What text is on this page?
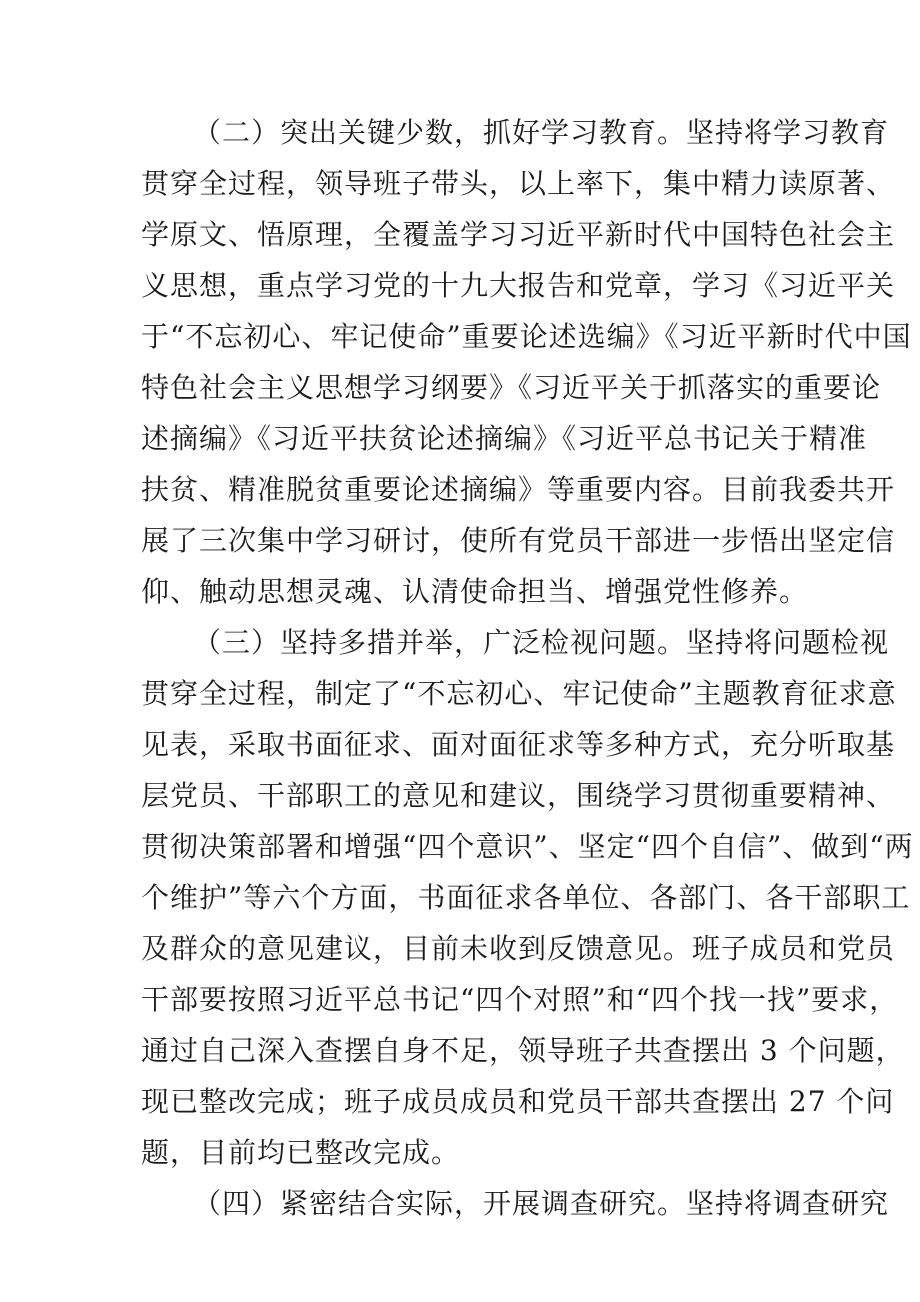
（二）突出关键少数，抓好学习教育。坚持将学习教育
贯穿全过程，领导班子带头，以上率下，集中精力读原著、
学原文、悟原理，全覆盖学习习近平新时代中国特色社会主
义思想，重点学习党的十九大报告和党章，学习《习近平关
于“不忘初心、牢记使命”重要论述选编》《习近平新时代中国
特色社会主义思想学习纲要》《习近平关于抓落实的重要论
述摘编》《习近平扶贫论述摘编》《习近平总书记关于精准
扶贫、精准脱贫重要论述摘编》等重要内容。目前我委共开
展了三次集中学习研讨，使所有党员干部进一步悟出坚定信
仰、触动思想灵魂、认清使命担当、增强党性修养。
（三）坚持多措并举，广泛检视问题。坚持将问题检视
贯穿全过程，制定了“不忘初心、牢记使命”主题教育征求意
见表，采取书面征求、面对面征求等多种方式，充分听取基
层党员、干部职工的意见和建议，围绕学习贯彻重要精神、
贯彻决策部署和增强“四个意识”、坚定“四个自信”、做到“两
个维护”等六个方面，书面征求各单位、各部门、各干部职工
及群众的意见建议，目前未收到反馈意见。班子成员和党员
干部要按照习近平总书记“四个对照”和“四个找一找”要求，
通过自己深入查摆自身不足，领导班子共查摆出 3 个问题，
现已整改完成；班子成员成员和党员干部共查摆出 27 个问
题，目前均已整改完成。
（四）紧密结合实际，开展调查研究。坚持将调查研究
